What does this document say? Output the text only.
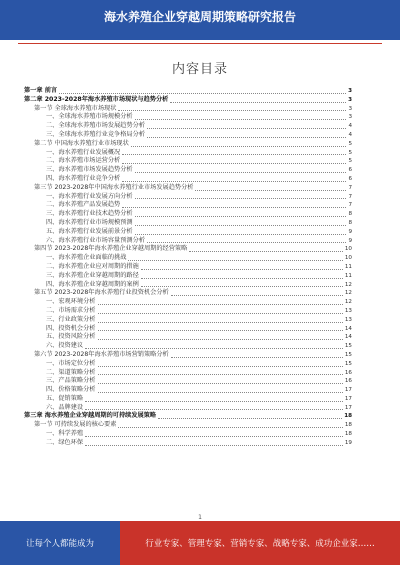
海水养殖企业穿越周期策略研究报告
内容目录
第一章 前言	3
第二章 2023-2028年海水养殖市场现状与趋势分析	3
第一节 全球海水养殖市场现状	3
一、全球海水养殖市场规模分析	3
二、全球海水养殖市场发展趋势分析	4
三、全球海水养殖行业竞争格局分析	4
第二节 中国海水养殖行业市场现状	5
一、海水养殖行业发展概况	5
二、海水养殖市场运营分析	5
三、海水养殖市场发展趋势分析	6
四、海水养殖行业竞争分析	6
第三节 2023-2028年中国海水养殖行业市场发展趋势分析	7
一、海水养殖行业发展方向分析	7
二、海水养殖产品发展趋势	7
三、海水养殖行业技术趋势分析	8
四、海水养殖行业市场规模预测	8
五、海水养殖行业发展前景分析	9
六、海水养殖行业市场容量预测分析	9
第四节 2023-2028年海水养殖企业穿越周期的经营策略	10
一、海水养殖企业面临的挑战	10
二、海水养殖企业应对周期的措施	11
三、海水养殖企业穿越周期的路径	11
四、海水养殖企业穿越周期的案例	12
第五节 2023-2028年海水养殖行业投资机会分析	12
一、宏观环境分析	12
二、市场需求分析	13
三、行业政策分析	13
四、投资机会分析	14
五、投资风险分析	14
六、投资建议	15
第六节 2023-2028年海水养殖市场营销策略分析	15
一、市场定位分析	15
二、渠道策略分析	16
三、产品策略分析	16
四、价格策略分析	17
五、促销策略	17
六、品牌建设	17
第三章 海水养殖企业穿越周期的可持续发展策略	18
第一节 可持续发展的核心要素	18
一、科学养殖	18
二、绿色环保	19
1
让每个人都能成为	行业专家、管理专家、营销专家、战略专家、成功企业家……
